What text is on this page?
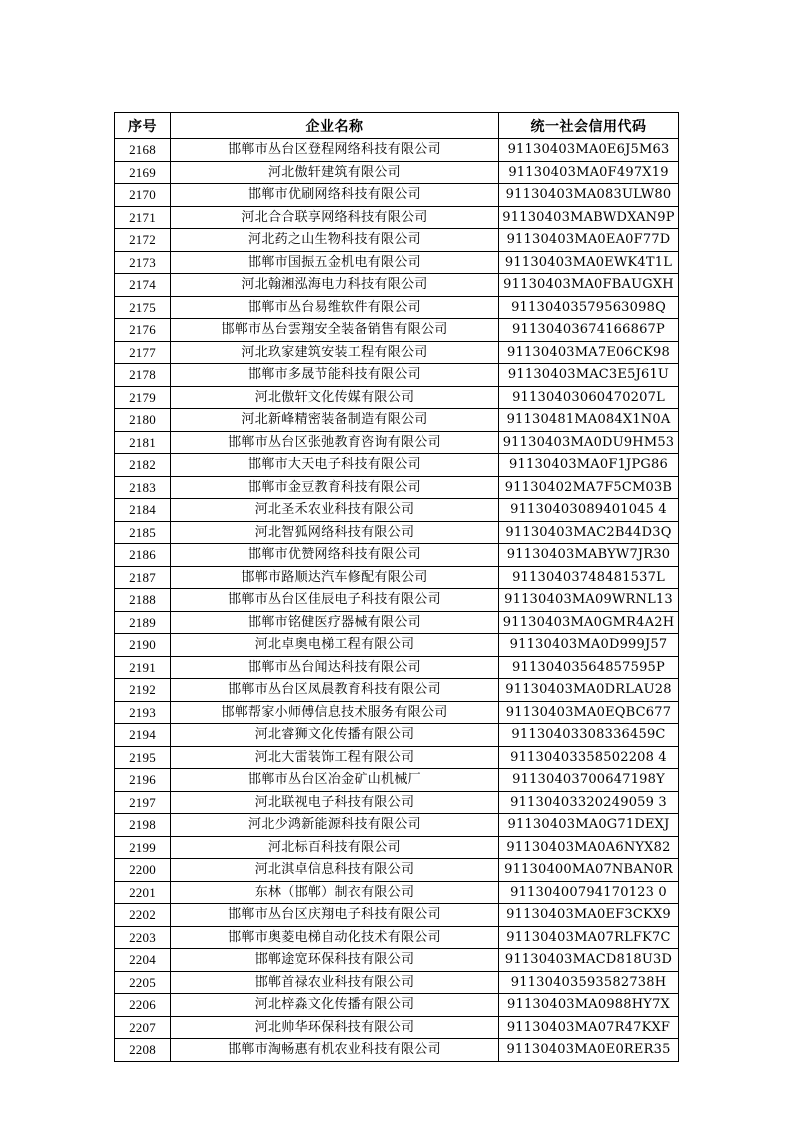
序号	企业名称	统一社会信用代码
2168	邯郸市丛台区登程网络科技有限公司	91130403MA0E6J5M63
2169	河北傲轩建筑有限公司	91130403MA0F497X19
2170	邯郸市优刷网络科技有限公司	91130403MA083ULW80
2171	河北合合联享网络科技有限公司	91130403MABWDXAN9P
2172	河北药之山生物科技有限公司	91130403MA0EA0F77D
2173	邯郸市国振五金机电有限公司	91130403MA0EWK4T1L
2174	河北翰湘泓海电力科技有限公司	91130403MA0FBAUGXH
2175	邯郸市丛台易维软件有限公司	91130403579563098Q
2176	邯郸市丛台雲翔安全装备销售有限公司	91130403674166867P
2177	河北玖家建筑安装工程有限公司	91130403MA7E06CK98
2178	邯郸市多晟节能科技有限公司	91130403MAC3E5J61U
2179	河北傲轩文化传媒有限公司	91130403060470207L
2180	河北新峰精密装备制造有限公司	91130481MA084X1N0A
2181	邯郸市丛台区张弛教育咨询有限公司	91130403MA0DU9HM53
2182	邯郸市大天电子科技有限公司	91130403MA0F1JPG86
2183	邯郸市金豆教育科技有限公司	91130402MA7F5CM03B
2184	河北圣禾农业科技有限公司	91130403089401045 4
2185	河北智狐网络科技有限公司	91130403MAC2B44D3Q
2186	邯郸市优赞网络科技有限公司	91130403MABYW7JR30
2187	邯郸市路顺达汽车修配有限公司	91130403748481537L
2188	邯郸市丛台区佳辰电子科技有限公司	91130403MA09WRNL13
2189	邯郸市铭健医疗器械有限公司	91130403MA0GMR4A2H
2190	河北卓奥电梯工程有限公司	91130403MA0D999J57
2191	邯郸市丛台闻达科技有限公司	91130403564857595P
2192	邯郸市丛台区凤晨教育科技有限公司	91130403MA0DRLAU28
2193	邯郸帮家小师傅信息技术服务有限公司	91130403MA0EQBC677
2194	河北睿狮文化传播有限公司	91130403308336459C
2195	河北大雷装饰工程有限公司	91130403358502208 4
2196	邯郸市丛台区冶金矿山机械厂	91130403700647198Y
2197	河北联视电子科技有限公司	91130403320249059 3
2198	河北少鸿新能源科技有限公司	91130403MA0G71DEXJ
2199	河北标百科技有限公司	91130403MA0A6NYX82
2200	河北淇卓信息科技有限公司	91130400MA07NBAN0R
2201	东林（邯郸）制衣有限公司	91130400794170123 0
2202	邯郸市丛台区庆翔电子科技有限公司	91130403MA0EF3CKX9
2203	邯郸市奥菱电梯自动化技术有限公司	91130403MA07RLFK7C
2204	邯郸途宽环保科技有限公司	91130403MACD818U3D
2205	邯郸首禄农业科技有限公司	91130403593582738H
2206	河北梓淼文化传播有限公司	91130403MA0988HY7X
2207	河北帅华环保科技有限公司	91130403MA07R47KXF
2208	邯郸市淘畅惠有机农业科技有限公司	91130403MA0E0RER35
